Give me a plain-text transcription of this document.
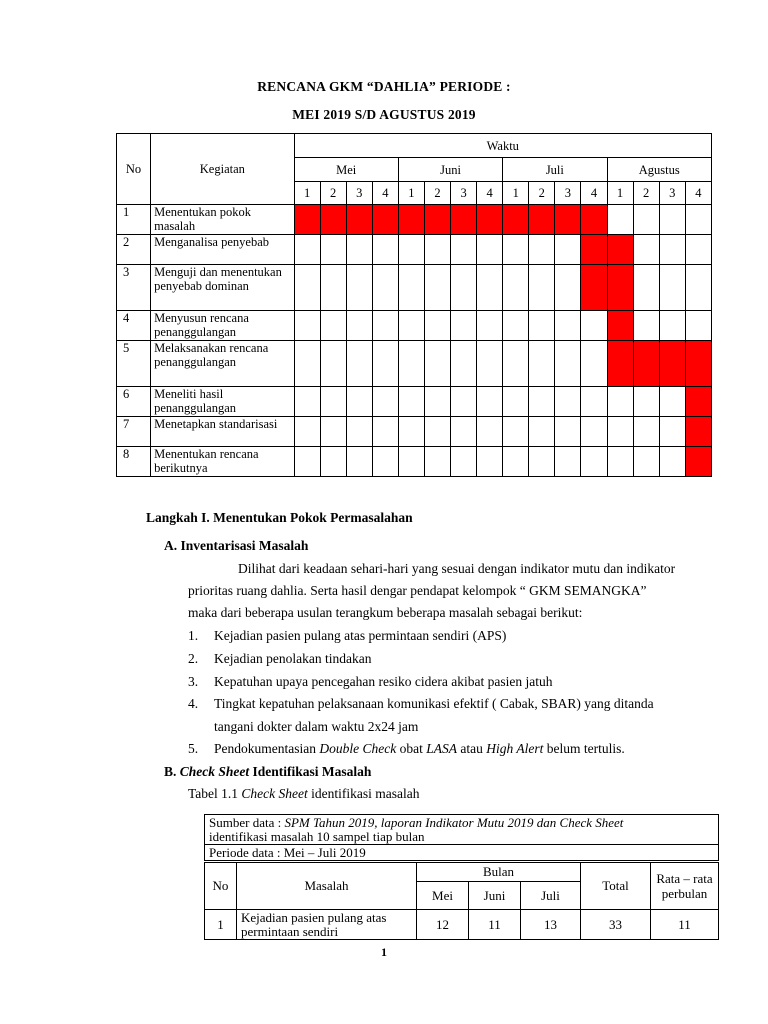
RENCANA GKM “DAHLIA” PERIODE :
MEI 2019 S/D AGUSTUS 2019
No	Kegiatan	Waktu															
		Mei				Juni				Juli				Agustus			
		1	2	3	4	1	2	3	4	1	2	3	4	1	2	3	4
1	Menentukan pokok masalah																
2	Menganalisa penyebab																
3	Menguji dan menentukan penyebab dominan																
4	Menyusun rencana penanggulangan																
5	Melaksanakan rencana penanggulangan																
6	Meneliti hasil penanggulangan																
7	Menetapkan standarisasi																
8	Menentukan rencana berikutnya																
Langkah I. Menentukan Pokok Permasalahan
A. Inventarisasi Masalah
Dilihat dari keadaan sehari-hari yang sesuai dengan indikator mutu dan indikator
prioritas ruang dahlia. Serta hasil dengar pendapat kelompok “ GKM SEMANGKA”
maka dari beberapa usulan terangkum beberapa masalah sebagai berikut:
1. Kejadian pasien pulang atas permintaan sendiri (APS)
2. Kejadian penolakan tindakan
3. Kepatuhan upaya pencegahan resiko cidera akibat pasien jatuh
4. Tingkat kepatuhan pelaksanaan komunikasi efektif ( Cabak, SBAR) yang ditanda
tangani dokter dalam waktu 2x24 jam
5. Pendokumentasian Double Check obat LASA atau High Alert belum tertulis.
B. Check Sheet Identifikasi Masalah
Tabel 1.1 Check Sheet identifikasi masalah
Sumber data : SPM Tahun 2019, laporan Indikator Mutu 2019 dan Check Sheet
identifikasi masalah 10 sampel tiap bulan						
Periode data : Mei – Juli 2019						
No	Masalah	Bulan			Total	Rata – rata perbulan
		Mei	Juni	Juli		
1	Kejadian pasien pulang atas permintaan sendiri	12	11	13	33	11
1
